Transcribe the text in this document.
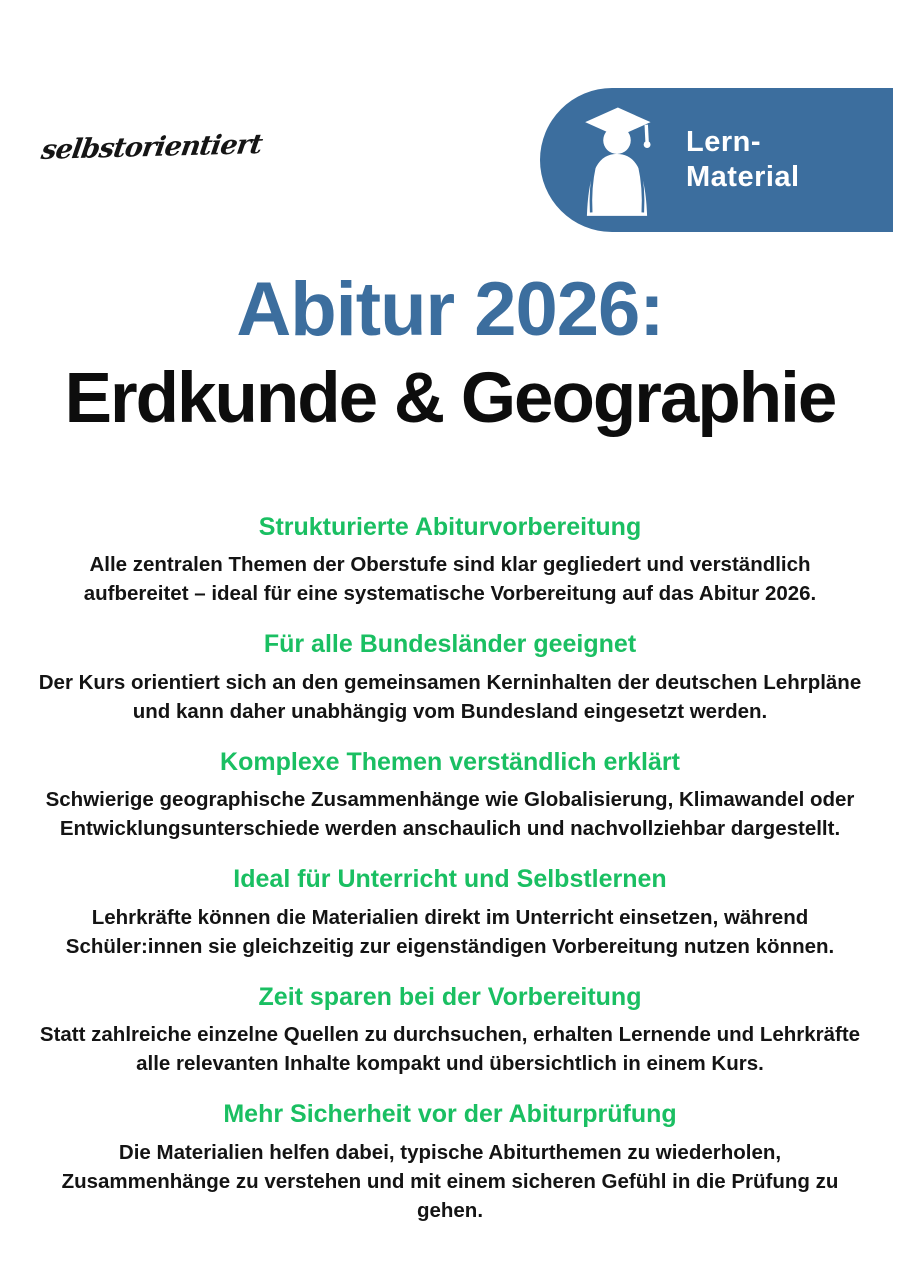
selbstorientiert	Lern-
Material
Abitur 2026:
Erdkunde & Geographie
Strukturierte Abiturvorbereitung
Alle zentralen Themen der Oberstufe sind klar gegliedert und verständlich aufbereitet – ideal für eine systematische Vorbereitung auf das Abitur 2026.
Für alle Bundesländer geeignet
Der Kurs orientiert sich an den gemeinsamen Kerninhalten der deutschen Lehrpläne und kann daher unabhängig vom Bundesland eingesetzt werden.
Komplexe Themen verständlich erklärt
Schwierige geographische Zusammenhänge wie Globalisierung, Klimawandel oder Entwicklungsunterschiede werden anschaulich und nachvollziehbar dargestellt.
Ideal für Unterricht und Selbstlernen
Lehrkräfte können die Materialien direkt im Unterricht einsetzen, während Schüler:innen sie gleichzeitig zur eigenständigen Vorbereitung nutzen können.
Zeit sparen bei der Vorbereitung
Statt zahlreiche einzelne Quellen zu durchsuchen, erhalten Lernende und Lehrkräfte alle relevanten Inhalte kompakt und übersichtlich in einem Kurs.
Mehr Sicherheit vor der Abiturprüfung
Die Materialien helfen dabei, typische Abiturthemen zu wiederholen, Zusammenhänge zu verstehen und mit einem sicheren Gefühl in die Prüfung zu gehen.
